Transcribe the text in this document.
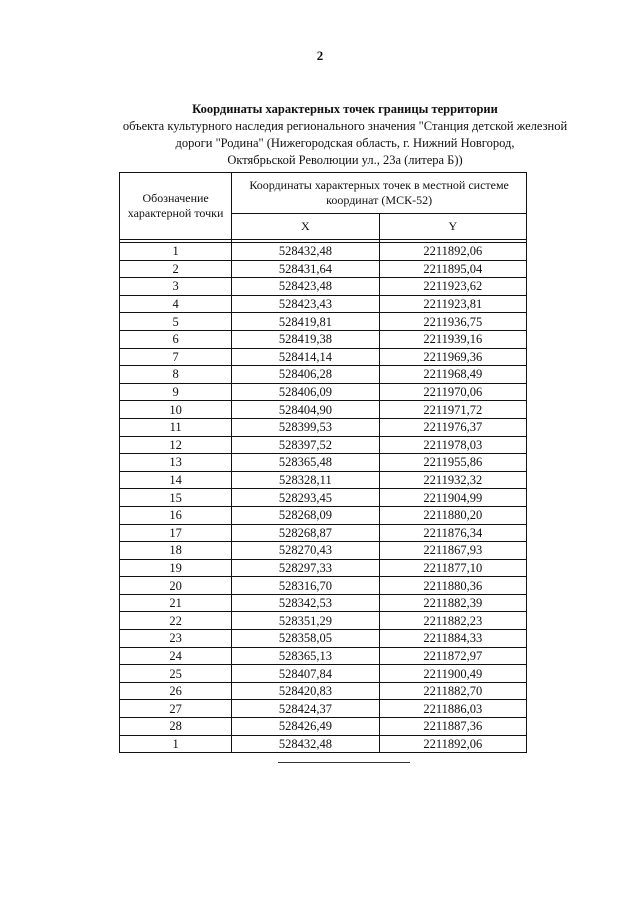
2
Координаты характерных точек границы территории
объекта культурного наследия регионального значения "Станция детской железной
дороги "Родина" (Нижегородская область, г. Нижний Новгород,
Октябрьской Революции ул., 23а (литера Б))
Обозначение характерной точки	Координаты характерных точек в местной системе координат (МСК-52)	
	X	Y

1	528432,48	2211892,06
2	528431,64	2211895,04
3	528423,48	2211923,62
4	528423,43	2211923,81
5	528419,81	2211936,75
6	528419,38	2211939,16
7	528414,14	2211969,36
8	528406,28	2211968,49
9	528406,09	2211970,06
10	528404,90	2211971,72
11	528399,53	2211976,37
12	528397,52	2211978,03
13	528365,48	2211955,86
14	528328,11	2211932,32
15	528293,45	2211904,99
16	528268,09	2211880,20
17	528268,87	2211876,34
18	528270,43	2211867,93
19	528297,33	2211877,10
20	528316,70	2211880,36
21	528342,53	2211882,39
22	528351,29	2211882,23
23	528358,05	2211884,33
24	528365,13	2211872,97
25	528407,84	2211900,49
26	528420,83	2211882,70
27	528424,37	2211886,03
28	528426,49	2211887,36
1	528432,48	2211892,06
